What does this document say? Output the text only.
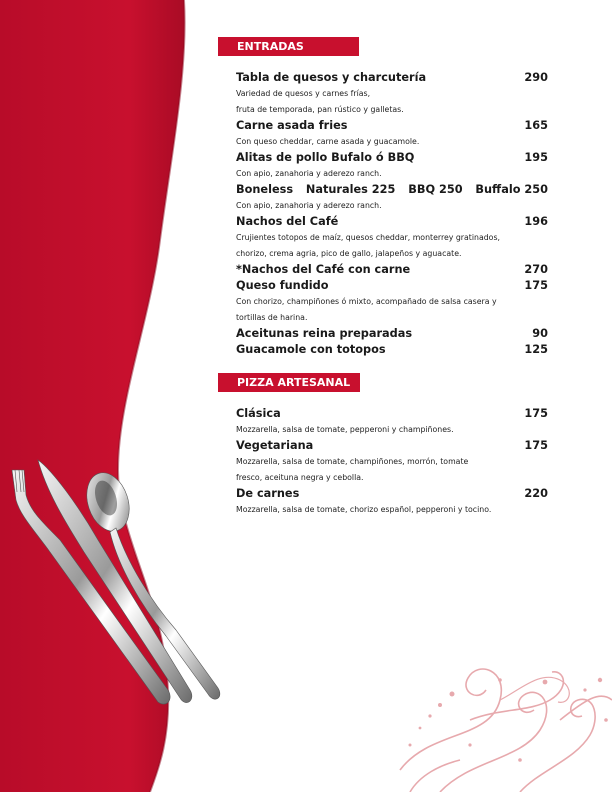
ENTRADAS
Tabla de quesos y charcutería	290
Variedad de quesos y carnes frías,
fruta de temporada, pan rústico y galletas.
Carne asada fries	165
Con queso cheddar, carne asada y guacamole.
Alitas de pollo Bufalo ó BBQ	195
Con apio, zanahoria y aderezo ranch.
Boneless Naturales 225 BBQ 250 Buffalo 250
Con apio, zanahoria y aderezo ranch.
Nachos del Café	196
Crujientes totopos de maíz, quesos cheddar, monterrey gratinados,
chorizo, crema agria, pico de gallo, jalapeños y aguacate.
*Nachos del Café con carne	270
Queso fundido	175
Con chorizo, champiñones ó mixto, acompañado de salsa casera y
tortillas de harina.
Aceitunas reina preparadas	90
Guacamole con totopos	125
PIZZA ARTESANAL
Clásica	175
Mozzarella, salsa de tomate, pepperoni y champiñones.
Vegetariana	175
Mozzarella, salsa de tomate, champiñones, morrón, tomate
fresco, aceituna negra y cebolla.
De carnes	220
Mozzarella, salsa de tomate, chorizo español, pepperoni y tocino.
